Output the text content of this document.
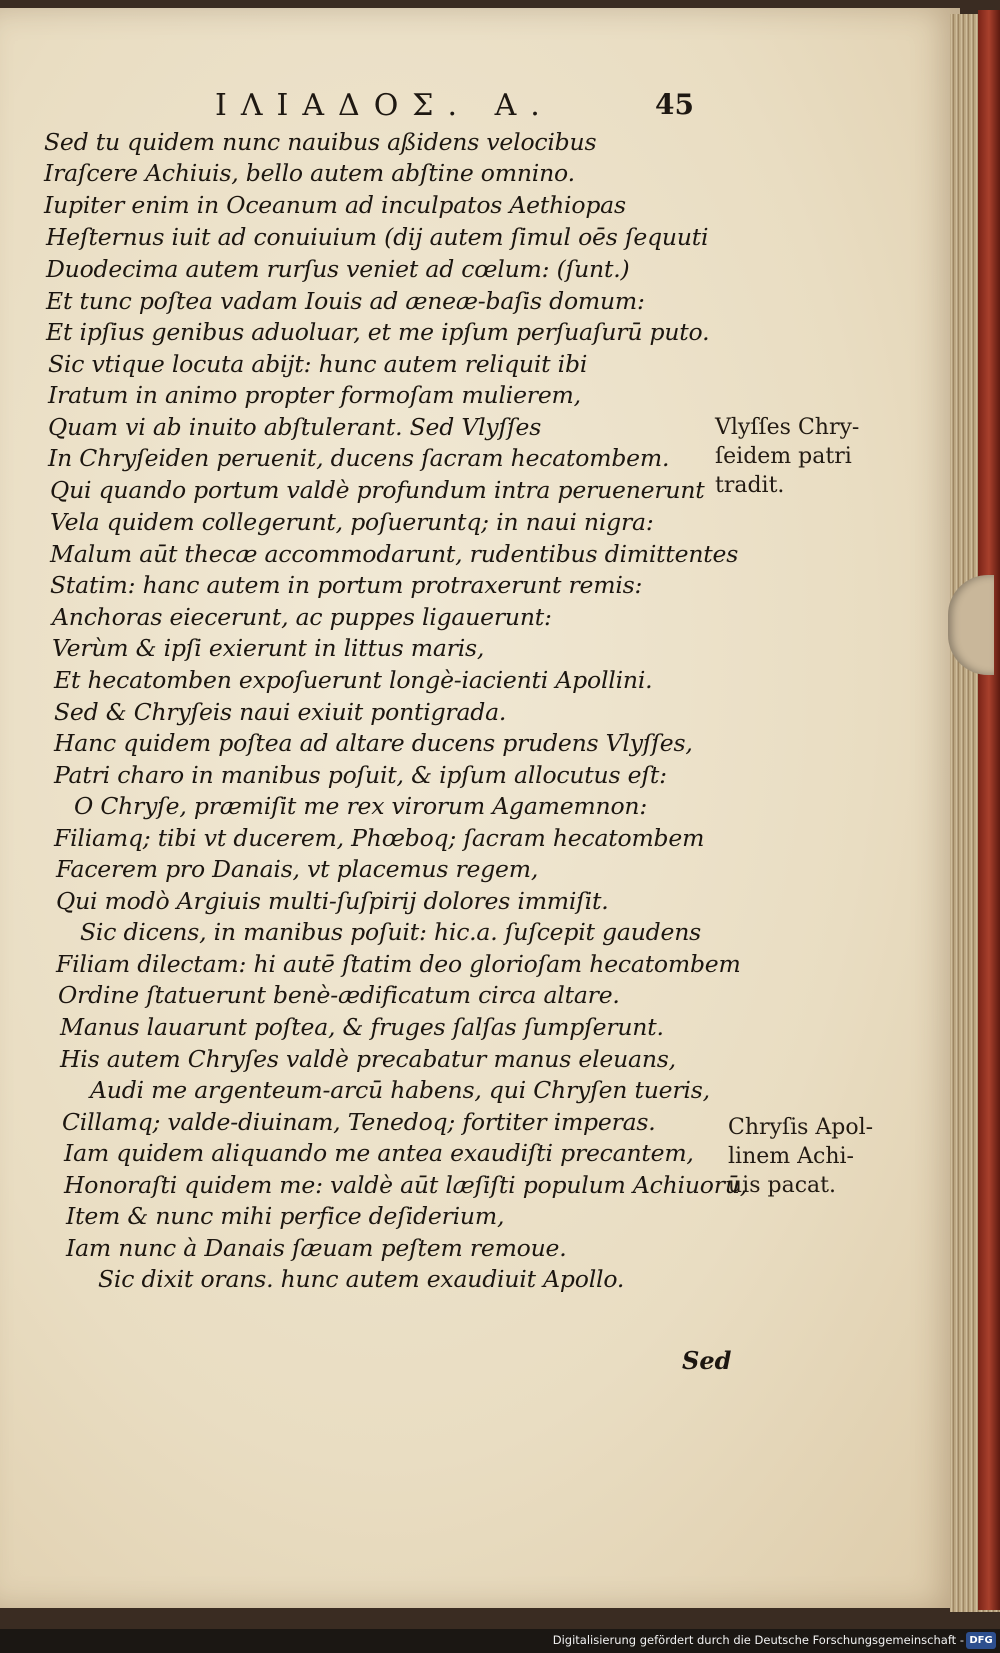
ΙΛΙΑΔΟΣ. Α.	45
Sed tu quidem nunc nauibus aßidens velocibus
Iraſcere Achiuis, bello autem abſtine omnino.
Iupiter enim in Oceanum ad inculpatos Aethiopas
Heſternus iuit ad conuiuium (dij autem ſimul oēs ſequuti
Duodecima autem rurſus veniet ad cœlum: (ſunt.)
Et tunc poſtea vadam Iouis ad æneæ-baſis domum:
Et ipſius genibus aduoluar, et me ipſum perſuaſurū puto.
Sic vtique locuta abijt: hunc autem reliquit ibi
Iratum in animo propter formoſam mulierem,
Quam vi ab inuito abſtulerant. Sed Vlyſſes
In Chryſeiden peruenit, ducens ſacram hecatombem.
Qui quando portum valdè profundum intra peruenerunt
Vela quidem collegerunt, poſueruntq; in naui nigra:
Malum aūt thecæ accommodarunt, rudentibus dimittentes
Statim: hanc autem in portum protraxerunt remis:
Anchoras eiecerunt, ac puppes ligauerunt:
Verùm & ipſi exierunt in littus maris,
Et hecatomben expoſuerunt longè-iacienti Apollini.
Sed & Chryſeis naui exiuit pontigrada.
Hanc quidem poſtea ad altare ducens prudens Vlyſſes,
Patri charo in manibus poſuit, & ipſum allocutus eſt:
O Chryſe, præmiſit me rex virorum Agamemnon:
Filiamq; tibi vt ducerem, Phœboq; ſacram hecatombem
Facerem pro Danais, vt placemus regem,
Qui modò Argiuis multi-ſuſpirij dolores immiſit.
Sic dicens, in manibus poſuit: hic.a. ſuſcepit gaudens
Filiam dilectam: hi autē ſtatim deo glorioſam hecatombem
Ordine ſtatuerunt benè-ædificatum circa altare.
Manus lauarunt poſtea, & fruges ſalſas ſumpſerunt.
His autem Chryſes valdè precabatur manus eleuans,
Audi me argenteum-arcū habens, qui Chryſen tueris,
Cillamq; valde-diuinam, Tenedoq; fortiter imperas.
Iam quidem aliquando me antea exaudiſti precantem,
Honoraſti quidem me: valdè aūt læſiſti populum Achiuorū,
Item & nunc mihi perfice deſiderium,
Iam nunc à Danais ſæuam peſtem remoue.
Sic dixit orans. hunc autem exaudiuit Apollo.
Vlyſſes Chry-
ſeidem patri
tradit.
Chryſis Apol-
linem Achi-
uis pacat.
Sed
Digitalisierung gefördert durch die Deutsche Forschungsgemeinschaft - DFG
